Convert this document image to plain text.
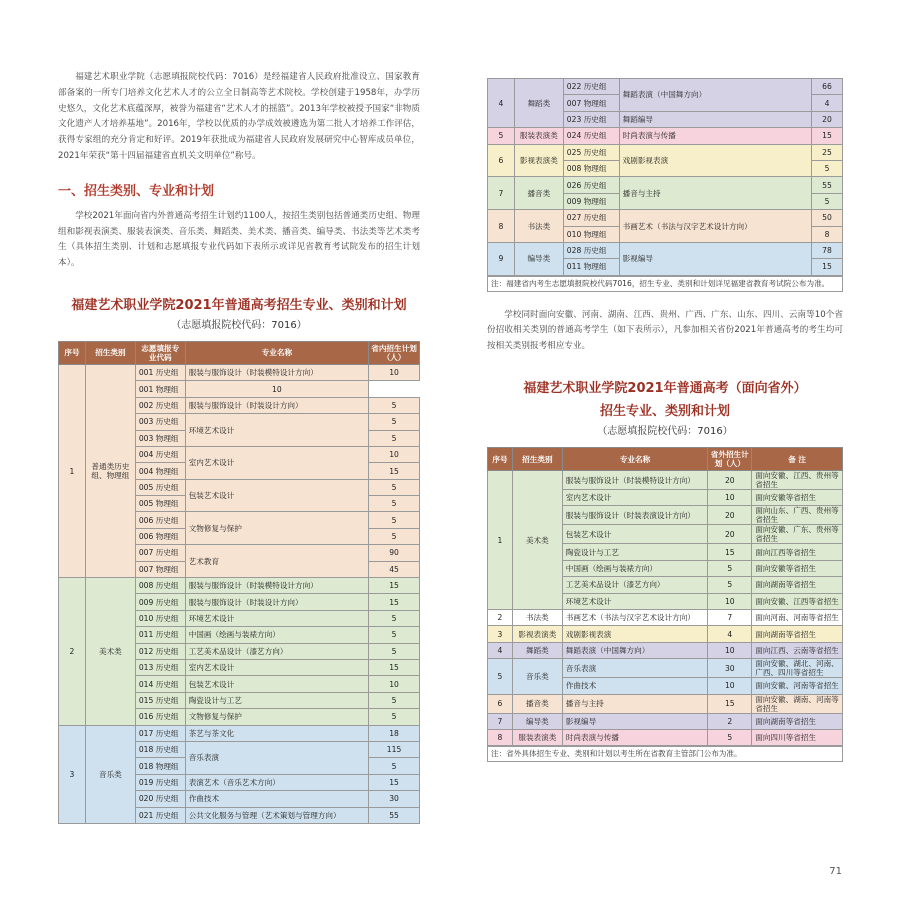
福建艺术职业学院（志愿填报院校代码：7016）是经福建省人民政府批准设立、国家教育部备案的一所专门培养文化艺术人才的公立全日制高等艺术院校。学校创建于1958年，办学历史悠久，文化艺术底蕴深厚，被誉为福建省“艺术人才的摇篮”。2013年学校被授予国家“非物质文化遗产人才培养基地”。2016年，学校以优质的办学成效被遴选为第二批人才培养工作评估，获得专家组的充分肯定和好评。2019年获批成为福建省人民政府发展研究中心智库成员单位，2021年荣获“第十四届福建省直机关文明单位”称号。

一、招生类别、专业和计划

学校2021年面向省内外普通高考招生计划约1100人，按招生类别包括普通类历史组、物理组和影视表演类、服装表演类、音乐类、舞蹈类、美术类、播音类、编导类、书法类等艺术类考生（具体招生类别、计划和志愿填报专业代码如下表所示或详见省教育考试院发布的招生计划本）。

福建艺术职业学院2021年普通高考招生专业、类别和计划
（志愿填报院校代码：7016）
序号	招生类别	志愿填报专业代码	专业名称	省内招生计划（人）
1	普通类历史组、物理组	001 历史组	服装与服饰设计（时装模特设计方向）	10
		001 物理组	10	
		002 历史组	服装与服饰设计（时装设计方向）	5
		003 历史组	环境艺术设计	5
		003 物理组		5
		004 历史组	室内艺术设计	10
		004 物理组		15
		005 历史组	包装艺术设计	5
		005 物理组		5
		006 历史组	文物修复与保护	5
		006 物理组		5
		007 历史组	艺术教育	90
		007 物理组		45
2	美术类	008 历史组	服装与服饰设计（时装模特设计方向）	15
		009 历史组	服装与服饰设计（时装设计方向）	15
		010 历史组	环境艺术设计	5
		011 历史组	中国画（绘画与装裱方向）	5
		012 历史组	工艺美术品设计（漆艺方向）	5
		013 历史组	室内艺术设计	15
		014 历史组	包装艺术设计	10
		015 历史组	陶瓷设计与工艺	5
		016 历史组	文物修复与保护	5
3	音乐类	017 历史组	茶艺与茶文化	18
		018 历史组	音乐表演	115
		018 物理组		5
		019 历史组	表演艺术（音乐艺术方向）	15
		020 历史组	作曲技术	30
		021 历史组	公共文化服务与管理（艺术策划与管理方向）	55
4	舞蹈类	022 历史组	舞蹈表演（中国舞方向）	66
		007 物理组		4
		023 历史组	舞蹈编导	20
5	服装表演类	024 历史组	时尚表演与传播	15
6	影视表演类	025 历史组	戏剧影视表演	25
		008 物理组		5
7	播音类	026 历史组	播音与主持	55
		009 物理组		5
8	书法类	027 历史组	书画艺术（书法与汉字艺术设计方向）	50
		010 物理组		8
9	编导类	028 历史组	影视编导	78
		011 物理组		15
注：福建省内考生志愿填报院校代码7016，招生专业、类别和计划详见福建省教育考试院公布为准。

学校同时面向安徽、河南、湖南、江西、贵州、广西、广东、山东、四川、云南等10个省份招收相关类别的普通高考学生（如下表所示），凡参加相关省份2021年普通高考的考生均可按相关类别报考相应专业。

福建艺术职业学院2021年普通高考（面向省外）
招生专业、类别和计划
（志愿填报院校代码：7016）
序号	招生类别	专业名称	省外招生计划（人）	备 注
1	美术类	服装与服饰设计（时装模特设计方向）	20	面向安徽、江西、贵州等省招生
		室内艺术设计	10	面向安徽等省招生
		服装与服饰设计（时装表演设计方向）	20	面向山东、广西、贵州等省招生
		包装艺术设计	20	面向安徽、广东、贵州等省招生
		陶瓷设计与工艺	15	面向江西等省招生
		中国画（绘画与装裱方向）	5	面向安徽等省招生
		工艺美术品设计（漆艺方向）	5	面向湖南等省招生
		环境艺术设计	10	面向安徽、江西等省招生
2	书法类	书画艺术（书法与汉字艺术设计方向）	7	面向河南、河南等省招生
3	影视表演类	戏剧影视表演	4	面向湖南等省招生
4	舞蹈类	舞蹈表演（中国舞方向）	10	面向江西、云南等省招生
5	音乐类	音乐表演	30	面向安徽、湖北、河南、广西、四川等省招生
		作曲技术	10	面向安徽、河南等省招生
6	播音类	播音与主持	15	面向安徽、湖南、河南等省招生
7	编导类	影视编导	2	面向湖南等省招生
8	服装表演类	时尚表演与传播	5	面向四川等省招生
注：省外具体招生专业、类别和计划以考生所在省教育主管部门公布为准。
71
